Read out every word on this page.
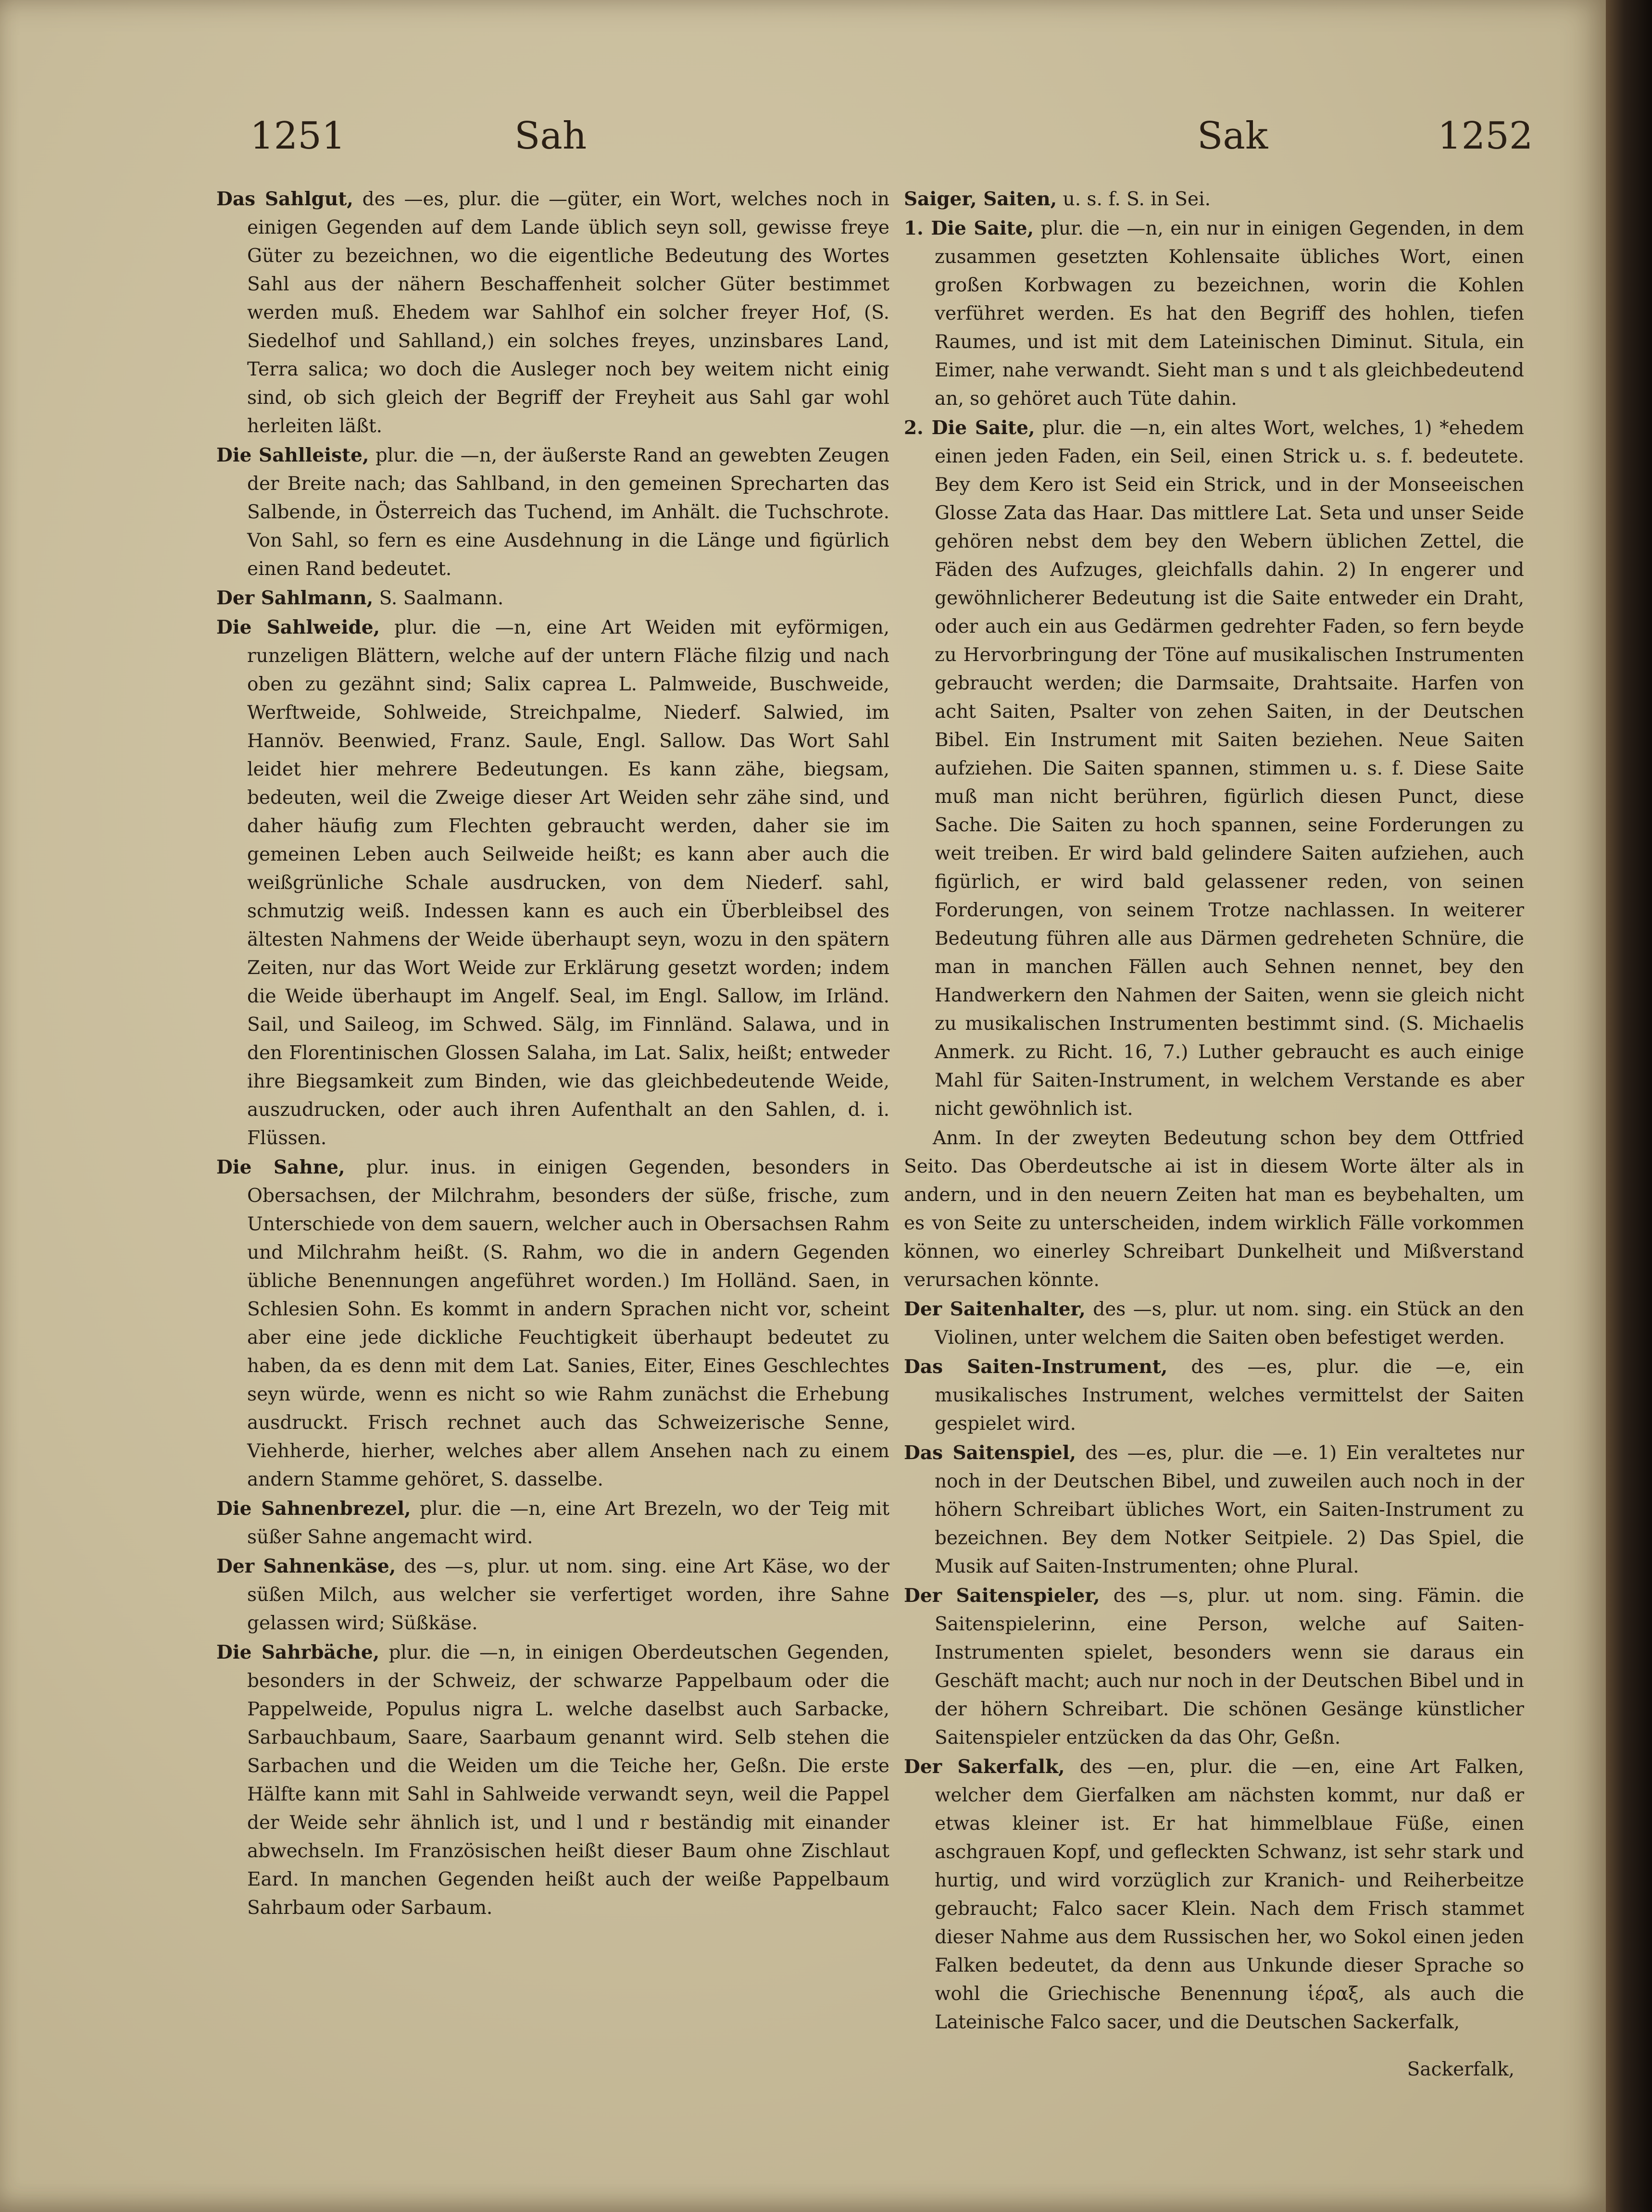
1251	Sah	Sak	1252

Das Sahlgut, des —es, plur. die —güter, ein Wort, welches noch in einigen Gegenden auf dem Lande üblich seyn soll, gewisse freye Güter zu bezeichnen, wo die eigentliche Bedeutung des Wortes Sahl aus der nähern Beschaffenheit solcher Güter bestimmet werden muß. Ehedem war Sahlhof ein solcher freyer Hof, (S. Siedelhof und Sahlland,) ein solches freyes, unzinsbares Land, Terra salica; wo doch die Ausleger noch bey weitem nicht einig sind, ob sich gleich der Begriff der Freyheit aus Sahl gar wohl herleiten läßt.

Die Sahlleiste, plur. die —n, der äußerste Rand an gewebten Zeugen der Breite nach; das Sahlband, in den gemeinen Sprecharten das Salbende, in Österreich das Tuchend, im Anhält. die Tuchschrote. Von Sahl, so fern es eine Ausdehnung in die Länge und figürlich einen Rand bedeutet.

Der Sahlmann, S. Saalmann.

Die Sahlweide, plur. die —n, eine Art Weiden mit eyförmigen, runzeligen Blättern, welche auf der untern Fläche filzig und nach oben zu gezähnt sind; Salix caprea L. Palmweide, Buschweide, Werftweide, Sohlweide, Streichpalme, Niederf. Salwied, im Hannöv. Beenwied, Franz. Saule, Engl. Sallow. Das Wort Sahl leidet hier mehrere Bedeutungen. Es kann zähe, biegsam, bedeuten, weil die Zweige dieser Art Weiden sehr zähe sind, und daher häufig zum Flechten gebraucht werden, daher sie im gemeinen Leben auch Seilweide heißt; es kann aber auch die weißgrünliche Schale ausdrucken, von dem Niederf. sahl, schmutzig weiß. Indessen kann es auch ein Überbleibsel des ältesten Nahmens der Weide überhaupt seyn, wozu in den spätern Zeiten, nur das Wort Weide zur Erklärung gesetzt worden; indem die Weide überhaupt im Angelf. Seal, im Engl. Sallow, im Irländ. Sail, und Saileog, im Schwed. Sälg, im Finnländ. Salawa, und in den Florentinischen Glossen Salaha, im Lat. Salix, heißt; entweder ihre Biegsamkeit zum Binden, wie das gleichbedeutende Weide, auszudrucken, oder auch ihren Aufenthalt an den Sahlen, d. i. Flüssen.

Die Sahne, plur. inus. in einigen Gegenden, besonders in Obersachsen, der Milchrahm, besonders der süße, frische, zum Unterschiede von dem sauern, welcher auch in Obersachsen Rahm und Milchrahm heißt. (S. Rahm, wo die in andern Gegenden übliche Benennungen angeführet worden.) Im Holländ. Saen, in Schlesien Sohn. Es kommt in andern Sprachen nicht vor, scheint aber eine jede dickliche Feuchtigkeit überhaupt bedeutet zu haben, da es denn mit dem Lat. Sanies, Eiter, Eines Geschlechtes seyn würde, wenn es nicht so wie Rahm zunächst die Erhebung ausdruckt. Frisch rechnet auch das Schweizerische Senne, Viehherde, hierher, welches aber allem Ansehen nach zu einem andern Stamme gehöret, S. dasselbe.

Die Sahnenbrezel, plur. die —n, eine Art Brezeln, wo der Teig mit süßer Sahne angemacht wird.

Der Sahnenkäse, des —s, plur. ut nom. sing. eine Art Käse, wo der süßen Milch, aus welcher sie verfertiget worden, ihre Sahne gelassen wird; Süßkäse.

Die Sahrbäche, plur. die —n, in einigen Oberdeutschen Gegenden, besonders in der Schweiz, der schwarze Pappelbaum oder die Pappelweide, Populus nigra L. welche daselbst auch Sarbacke, Sarbauchbaum, Saare, Saarbaum genannt wird. Selb stehen die Sarbachen und die Weiden um die Teiche her, Geßn. Die erste Hälfte kann mit Sahl in Sahlweide verwandt seyn, weil die Pappel der Weide sehr ähnlich ist, und l und r beständig mit einander abwechseln. Im Französischen heißt dieser Baum ohne Zischlaut Eard. In manchen Gegenden heißt auch der weiße Pappelbaum Sahrbaum oder Sarbaum.

Saiger, Saiten, u. s. f. S. in Sei.

1. Die Saite, plur. die —n, ein nur in einigen Gegenden, in dem zusammen gesetzten Kohlensaite übliches Wort, einen großen Korbwagen zu bezeichnen, worin die Kohlen verführet werden. Es hat den Begriff des hohlen, tiefen Raumes, und ist mit dem Lateinischen Diminut. Situla, ein Eimer, nahe verwandt. Sieht man s und t als gleichbedeutend an, so gehöret auch Tüte dahin.

2. Die Saite, plur. die —n, ein altes Wort, welches, 1) *ehedem einen jeden Faden, ein Seil, einen Strick u. s. f. bedeutete. Bey dem Kero ist Seid ein Strick, und in der Monseeischen Glosse Zata das Haar. Das mittlere Lat. Seta und unser Seide gehören nebst dem bey den Webern üblichen Zettel, die Fäden des Aufzuges, gleichfalls dahin. 2) In engerer und gewöhnlicherer Bedeutung ist die Saite entweder ein Draht, oder auch ein aus Gedärmen gedrehter Faden, so fern beyde zu Hervorbringung der Töne auf musikalischen Instrumenten gebraucht werden; die Darmsaite, Drahtsaite. Harfen von acht Saiten, Psalter von zehen Saiten, in der Deutschen Bibel. Ein Instrument mit Saiten beziehen. Neue Saiten aufziehen. Die Saiten spannen, stimmen u. s. f. Diese Saite muß man nicht berühren, figürlich diesen Punct, diese Sache. Die Saiten zu hoch spannen, seine Forderungen zu weit treiben. Er wird bald gelindere Saiten aufziehen, auch figürlich, er wird bald gelassener reden, von seinen Forderungen, von seinem Trotze nachlassen. In weiterer Bedeutung führen alle aus Därmen gedreheten Schnüre, die man in manchen Fällen auch Sehnen nennet, bey den Handwerkern den Nahmen der Saiten, wenn sie gleich nicht zu musikalischen Instrumenten bestimmt sind. (S. Michaelis Anmerk. zu Richt. 16, 7.) Luther gebraucht es auch einige Mahl für Saiten-Instrument, in welchem Verstande es aber nicht gewöhnlich ist.

Anm. In der zweyten Bedeutung schon bey dem Ottfried Seito. Das Oberdeutsche ai ist in diesem Worte älter als in andern, und in den neuern Zeiten hat man es beybehalten, um es von Seite zu unterscheiden, indem wirklich Fälle vorkommen können, wo einerley Schreibart Dunkelheit und Mißverstand verursachen könnte.

Der Saitenhalter, des —s, plur. ut nom. sing. ein Stück an den Violinen, unter welchem die Saiten oben befestiget werden.

Das Saiten-Instrument, des —es, plur. die —e, ein musikalisches Instrument, welches vermittelst der Saiten gespielet wird.

Das Saitenspiel, des —es, plur. die —e. 1) Ein veraltetes nur noch in der Deutschen Bibel, und zuweilen auch noch in der höhern Schreibart übliches Wort, ein Saiten-Instrument zu bezeichnen. Bey dem Notker Seitpiele. 2) Das Spiel, die Musik auf Saiten-Instrumenten; ohne Plural.

Der Saitenspieler, des —s, plur. ut nom. sing. Fämin. die Saitenspielerinn, eine Person, welche auf Saiten-Instrumenten spielet, besonders wenn sie daraus ein Geschäft macht; auch nur noch in der Deutschen Bibel und in der höhern Schreibart. Die schönen Gesänge künstlicher Saitenspieler entzücken da das Ohr, Geßn.

Der Sakerfalk, des —en, plur. die —en, eine Art Falken, welcher dem Gierfalken am nächsten kommt, nur daß er etwas kleiner ist. Er hat himmelblaue Füße, einen aschgrauen Kopf, und gefleckten Schwanz, ist sehr stark und hurtig, und wird vorzüglich zur Kranich- und Reiherbeitze gebraucht; Falco sacer Klein. Nach dem Frisch stammet dieser Nahme aus dem Russischen her, wo Sokol einen jeden Falken bedeutet, da denn aus Unkunde dieser Sprache so wohl die Griechische Benennung ἱέραξ, als auch die Lateinische Falco sacer, und die Deutschen Sackerfalk,

Sackerfalk,
